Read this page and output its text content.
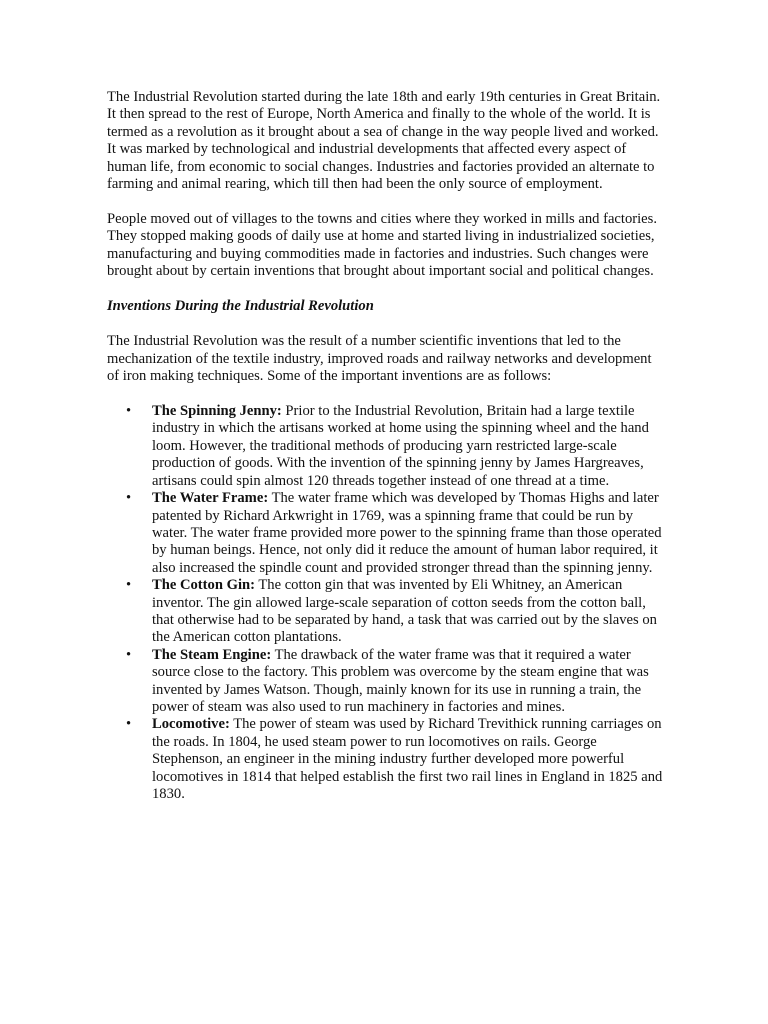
The Industrial Revolution started during the late 18th and early 19th centuries in Great Britain. It then spread to the rest of Europe, North America and finally to the whole of the world. It is termed as a revolution as it brought about a sea of change in the way people lived and worked. It was marked by technological and industrial developments that affected every aspect of human life, from economic to social changes. Industries and factories provided an alternate to farming and animal rearing, which till then had been the only source of employment.

People moved out of villages to the towns and cities where they worked in mills and factories. They stopped making goods of daily use at home and started living in industrialized societies, manufacturing and buying commodities made in factories and industries. Such changes were brought about by certain inventions that brought about important social and political changes.

Inventions During the Industrial Revolution

The Industrial Revolution was the result of a number scientific inventions that led to the mechanization of the textile industry, improved roads and railway networks and development of iron making techniques. Some of the important inventions are as follows:

• The Spinning Jenny: Prior to the Industrial Revolution, Britain had a large textile industry in which the artisans worked at home using the spinning wheel and the hand loom. However, the traditional methods of producing yarn restricted large-scale production of goods. With the invention of the spinning jenny by James Hargreaves, artisans could spin almost 120 threads together instead of one thread at a time.
• The Water Frame: The water frame which was developed by Thomas Highs and later patented by Richard Arkwright in 1769, was a spinning frame that could be run by water. The water frame provided more power to the spinning frame than those operated by human beings. Hence, not only did it reduce the amount of human labor required, it also increased the spindle count and provided stronger thread than the spinning jenny.
• The Cotton Gin: The cotton gin that was invented by Eli Whitney, an American inventor. The gin allowed large-scale separation of cotton seeds from the cotton ball, that otherwise had to be separated by hand, a task that was carried out by the slaves on the American cotton plantations.
• The Steam Engine: The drawback of the water frame was that it required a water source close to the factory. This problem was overcome by the steam engine that was invented by James Watson. Though, mainly known for its use in running a train, the power of steam was also used to run machinery in factories and mines.
• Locomotive: The power of steam was used by Richard Trevithick running carriages on the roads. In 1804, he used steam power to run locomotives on rails. George Stephenson, an engineer in the mining industry further developed more powerful locomotives in 1814 that helped establish the first two rail lines in England in 1825 and 1830.
